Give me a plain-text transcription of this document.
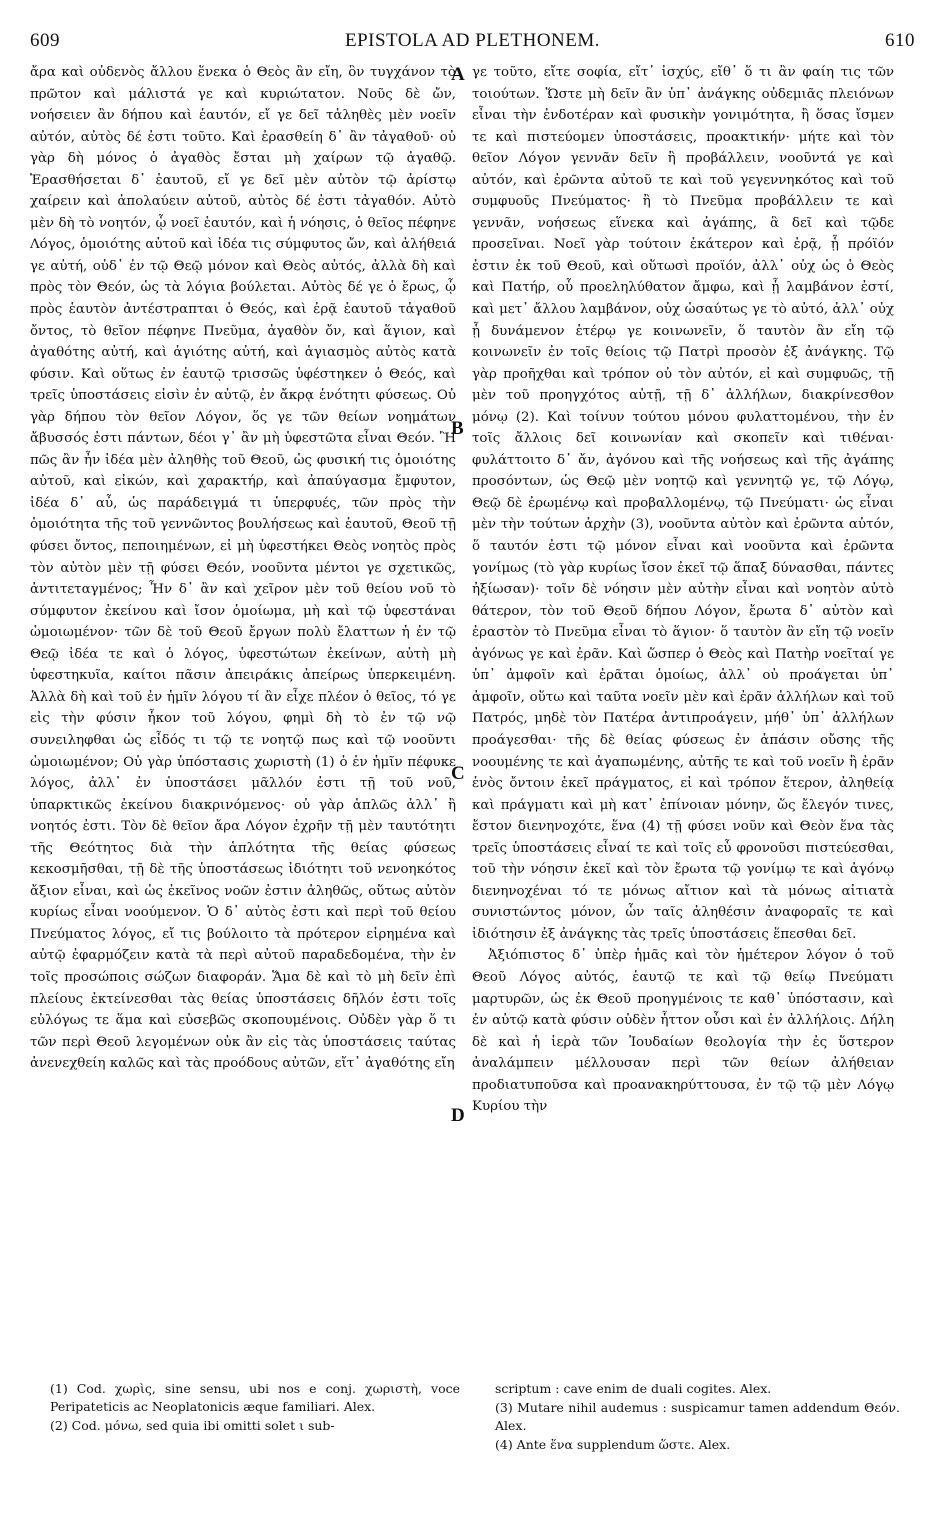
609	EPISTOLA AD PLETHONEM.	610

ἄρα καὶ οὐδενὸς ἄλλου ἕνεκα ὁ Θεὸς ἂν εἴη, ὃν τυγχάνον τὸ πρῶτον καὶ μάλιστά γε καὶ κυριώτατον. Νοῦς δὲ ὤν, νοήσειεν ἂν δήπου καὶ ἑαυτόν, εἴ γε δεῖ τἀληθὲς μὲν νοεῖν αὐτόν, αὐτὸς δέ ἐστι τοῦτο. Καὶ ἐρασθείη δ᾽ ἂν τἀγαθοῦ· οὐ γὰρ δὴ μόνος ὁ ἀγαθὸς ἔσται μὴ χαίρων τῷ ἀγαθῷ. Ἐρασθήσεται δ᾽ ἑαυτοῦ, εἴ γε δεῖ μὲν αὐτὸν τῷ ἀρίστῳ χαίρειν καὶ ἀπολαύειν αὐτοῦ, αὐτὸς δέ ἐστι τἀγαθόν. Αὐτὸ μὲν δὴ τὸ νοητόν, ᾧ νοεῖ ἑαυτόν, καὶ ἡ νόησις, ὁ θεῖος πέφηνε Λόγος, ὁμοιότης αὐτοῦ καὶ ἰδέα τις σύμφυτος ὤν, καὶ ἀλήθειά γε αὐτή, οὐδ᾽ ἐν τῷ Θεῷ μόνον καὶ Θεὸς αὐτός, ἀλλὰ δὴ καὶ πρὸς τὸν Θεόν, ὡς τὰ λόγια βούλεται. Αὐτὸς δέ γε ὁ ἔρως, ᾧ πρὸς ἑαυτὸν ἀντέστραπται ὁ Θεός, καὶ ἐρᾷ ἑαυτοῦ τἀγαθοῦ ὄντος, τὸ θεῖον πέφηνε Πνεῦμα, ἀγαθὸν ὄν, καὶ ἅγιον, καὶ ἀγαθότης αὐτή, καὶ ἁγιότης αὐτή, καὶ ἁγιασμὸς αὐτὸς κατὰ φύσιν. Καὶ οὕτως ἐν ἑαυτῷ τρισσῶς ὑφέστηκεν ὁ Θεός, καὶ τρεῖς ὑποστάσεις εἰσὶν ἐν αὐτῷ, ἐν ἄκρᾳ ἑνότητι φύσεως. Οὐ γὰρ δήπου τὸν θεῖον Λόγον, ὅς γε τῶν θείων νοημάτων ἄβυσσός ἐστι πάντων, δέοι γ᾽ ἂν μὴ ὑφεστῶτα εἶναι Θεόν. Ἢ πῶς ἂν ἦν ἰδέα μὲν ἀληθὴς τοῦ Θεοῦ, ὡς φυσική τις ὁμοιότης αὐτοῦ, καὶ εἰκών, καὶ χαρακτήρ, καὶ ἀπαύγασμα ἔμφυτον, ἰδέα δ᾽ αὖ, ὡς παράδειγμά τι ὑπερφυές, τῶν πρὸς τὴν ὁμοιότητα τῆς τοῦ γεννῶντος βουλήσεως καὶ ἑαυτοῦ, Θεοῦ τῇ φύσει ὄντος, πεποιημένων, εἰ μὴ ὑφεστήκει Θεὸς νοητὸς πρὸς τὸν αὐτὸν μὲν τῇ φύσει Θεόν, νοοῦντα μέντοι γε σχετικῶς, ἀντιτεταγμένος; Ἦν δ᾽ ἂν καὶ χεῖρον μὲν τοῦ θείου νοῦ τὸ σύμφυτον ἐκείνου καὶ ἴσον ὁμοίωμα, μὴ καὶ τῷ ὑφεστάναι ὡμοιωμένον· τῶν δὲ τοῦ Θεοῦ ἔργων πολὺ ἔλαττων ἡ ἐν τῷ Θεῷ ἰδέα τε καὶ ὁ λόγος, ὑφεστώτων ἐκείνων, αὐτὴ μὴ ὑφεστηκυῖα, καίτοι πᾶσιν ἀπειράκις ἀπείρως ὑπερκειμένη. Ἀλλὰ δὴ καὶ τοῦ ἐν ἡμῖν λόγου τί ἂν εἶχε πλέον ὁ θεῖος, τό γε εἰς τὴν φύσιν ἧκον τοῦ λόγου, φημὶ δὴ τὸ ἐν τῷ νῷ συνειληφθαι ὡς εἶδός τι τῷ τε νοητῷ πως καὶ τῷ νοοῦντι ὡμοιωμένον; Οὐ γὰρ ὑπόστασις χωριστὴ (1) ὁ ἐν ἡμῖν πέφυκε λόγος, ἀλλ᾽ ἐν ὑποστάσει μᾶλλόν ἐστι τῇ τοῦ νοῦ, ὑπαρκτικῶς ἐκείνου διακρινόμενος· οὐ γὰρ ἁπλῶς ἀλλ᾽ ἢ νοητός ἐστι. Τὸν δὲ θεῖον ἄρα Λόγον ἐχρῆν τῇ μὲν ταυτότητι τῆς Θεότητος διὰ τὴν ἁπλότητα τῆς θείας φύσεως κεκοσμῆσθαι, τῇ δὲ τῆς ὑποστάσεως ἰδιότητι τοῦ νενοηκότος ἄξιον εἶναι, καὶ ὡς ἐκεῖνος νοῶν ἐστιν ἀληθῶς, οὕτως αὐτὸν κυρίως εἶναι νοούμενον. Ὁ δ᾽ αὐτὸς ἐστι καὶ περὶ τοῦ θείου Πνεύματος λόγος, εἴ τις βούλοιτο τὰ πρότερον εἰρημένα καὶ αὐτῷ ἐφαρμόζειν κατὰ τὰ περὶ αὐτοῦ παραδεδομένα, τὴν ἐν τοῖς προσώποις σώζων διαφοράν. Ἅμα δὲ καὶ τὸ μὴ δεῖν ἐπὶ πλείους ἐκτείνεσθαι τὰς θείας ὑποστάσεις δῆλόν ἐστι τοῖς εὐλόγως τε ἅμα καὶ εὐσεβῶς σκοπουμένοις. Οὐδὲν γὰρ ὅ τι τῶν περὶ Θεοῦ λεγομένων οὐκ ἂν εἰς τὰς ὑποστάσεις ταύτας ἀνενεχθείη καλῶς καὶ τὰς προόδους αὐτῶν, εἴτ᾽ ἀγαθότης εἴη

A
B
C
D

γε τοῦτο, εἴτε σοφία, εἴτ᾽ ἰσχύς, εἴθ᾽ ὅ τι ἂν φαίη τις τῶν τοιούτων. Ὥστε μὴ δεῖν ἂν ὑπ᾽ ἀνάγκης οὐδεμιᾶς πλειόνων εἶναι τὴν ἐνδοτέραν καὶ φυσικὴν γονιμότητα, ἢ ὅσας ἴσμεν τε καὶ πιστεύομεν ὑποστάσεις, προακτικήν· μήτε καὶ τὸν θεῖον Λόγον γεννᾶν δεῖν ἢ προβάλλειν, νοοῦντά γε καὶ αὐτόν, καὶ ἐρῶντα αὐτοῦ τε καὶ τοῦ γεγεννηκότος καὶ τοῦ συμφυοῦς Πνεύματος· ἢ τὸ Πνεῦμα προβάλλειν τε καὶ γεννᾶν, νοήσεως εἵνεκα καὶ ἀγάπης, ἃ δεῖ καὶ τῷδε προσεῖναι. Νοεῖ γὰρ τούτοιν ἑκάτερον καὶ ἐρᾷ, ᾗ πρόϊόν ἐστιν ἐκ τοῦ Θεοῦ, καὶ οὕτωσὶ προϊόν, ἀλλ᾽ οὐχ ὡς ὁ Θεὸς καὶ Πατήρ, οὗ προεληλύθατον ἄμφω, καὶ ᾗ λαμβάνον ἐστί, καὶ μετ᾽ ἄλλου λαμβάνον, οὐχ ὡσαύτως γε τὸ αὐτό, ἀλλ᾽ οὐχ ᾗ δυνάμενον ἑτέρῳ γε κοινωνεῖν, ὅ ταυτὸν ἂν εἴη τῷ κοινωνεῖν ἐν τοῖς θείοις τῷ Πατρὶ προσὸν ἐξ ἀνάγκης. Τῷ γὰρ προῆχθαι καὶ τρόπον οὐ τὸν αὐτόν, εἰ καὶ συμφυῶς, τῇ μὲν τοῦ προηγχότος αὐτῇ, τῇ δ᾽ ἀλλήλων, διακρίνεσθον μόνῳ (2). Καὶ τοίνυν τούτου μόνου φυλαττομένου, τὴν ἐν τοῖς ἄλλοις δεῖ κοινωνίαν καὶ σκοπεῖν καὶ τιθέναι· φυλάττοιτο δ᾽ ἄν, ἀγόνου καὶ τῆς νοήσεως καὶ τῆς ἀγάπης προσόντων, ὡς Θεῷ μὲν νοητῷ καὶ γεννητῷ γε, τῷ Λόγῳ, Θεῷ δὲ ἐρωμένῳ καὶ προβαλλομένῳ, τῷ Πνεύματι· ὡς εἶναι μὲν τὴν τούτων ἀρχὴν (3), νοοῦντα αὐτὸν καὶ ἐρῶντα αὐτόν, ὅ ταυτόν ἐστι τῷ μόνον εἶναι καὶ νοοῦντα καὶ ἐρῶντα γονίμως (τὸ γὰρ κυρίως ἴσον ἐκεῖ τῷ ἅπαξ δύνασθαι, πάντες ἠξίωσαν)· τοῖν δὲ νόησιν μὲν αὐτὴν εἶναι καὶ νοητὸν αὐτὸ θάτερον, τὸν τοῦ Θεοῦ δήπου Λόγον, ἔρωτα δ᾽ αὐτὸν καὶ ἐραστὸν τὸ Πνεῦμα εἶναι τὸ ἅγιον· ὅ ταυτὸν ἂν εἴη τῷ νοεῖν ἀγόνως γε καὶ ἐρᾶν. Καὶ ὥσπερ ὁ Θεὸς καὶ Πατὴρ νοεῖταί γε ὑπ᾽ ἀμφοῖν καὶ ἐρᾶται ὁμοίως, ἀλλ᾽ οὐ προάγεται ὑπ᾽ ἀμφοῖν, οὕτω καὶ ταῦτα νοεῖν μὲν καὶ ἐρᾶν ἀλλήλων καὶ τοῦ Πατρός, μηδὲ τὸν Πατέρα ἀντιπροάγειν, μήθ᾽ ὑπ᾽ ἀλλήλων προάγεσθαι· τῆς δὲ θείας φύσεως ἐν ἁπάσιν οὔσης τῆς νοουμένης τε καὶ ἀγαπωμένης, αὐτῆς τε καὶ τοῦ νοεῖν ἢ ἐρᾶν ἑνὸς ὄντοιν ἐκεῖ πράγματος, εἰ καὶ τρόπον ἕτερον, ἀληθείᾳ καὶ πράγματι καὶ μὴ κατ᾽ ἐπίνοιαν μόνην, ὥς ἔλεγόν τινες, ἔστον διενηνοχότε, ἕνα (4) τῇ φύσει νοῦν καὶ Θεὸν ἕνα τὰς τρεῖς ὑποστάσεις εἶναί τε καὶ τοῖς εὖ φρονοῦσι πιστεύεσθαι, τοῦ τὴν νόησιν ἐκεῖ καὶ τὸν ἔρωτα τῷ γονίμῳ τε καὶ ἀγόνῳ διενηνοχέναι τό τε μόνως αἴτιον καὶ τὰ μόνως αἰτιατὰ συνιστώντος μόνον, ὧν ταῖς ἀληθέσιν ἀναφοραῖς τε καὶ ἰδιότησιν ἐξ ἀνάγκης τὰς τρεῖς ὑποστάσεις ἕπεσθαι δεῖ.

Ἀξιόπιστος δ᾽ ὑπὲρ ἡμᾶς καὶ τὸν ἡμέτερον λόγον ὁ τοῦ Θεοῦ Λόγος αὐτός, ἑαυτῷ τε καὶ τῷ θείῳ Πνεύματι μαρτυρῶν, ὡς ἐκ Θεοῦ προηγμένοις τε καθ᾽ ὑπόστασιν, καὶ ἐν αὐτῷ κατὰ φύσιν οὐδὲν ἧττον οὖσι καὶ ἐν ἀλλήλοις. Δήλη δὲ καὶ ἡ ἱερὰ τῶν Ἰουδαίων θεολογία τὴν ἐς ὕστερον ἀναλάμπειν μέλλουσαν περὶ τῶν θείων ἀλήθειαν προδιατυποῦσα καὶ προανακηρύττουσα, ἐν τῷ τῷ μὲν Λόγῳ Κυρίου τὴν

(1) Cod. χωρὶς, sine sensu, ubi nos e conj. χωριστὴ, voce Peripateticis ac Neoplatonicis æque familiari. Alex.

(2) Cod. μόνω, sed quia ibi omitti solet ι sub-

scriptum : cave enim de duali cogites. Alex.

(3) Mutare nihil audemus : suspicamur tamen addendum Θεόν. Alex.

(4) Ante ἕνα supplendum ὥστε. Alex.
